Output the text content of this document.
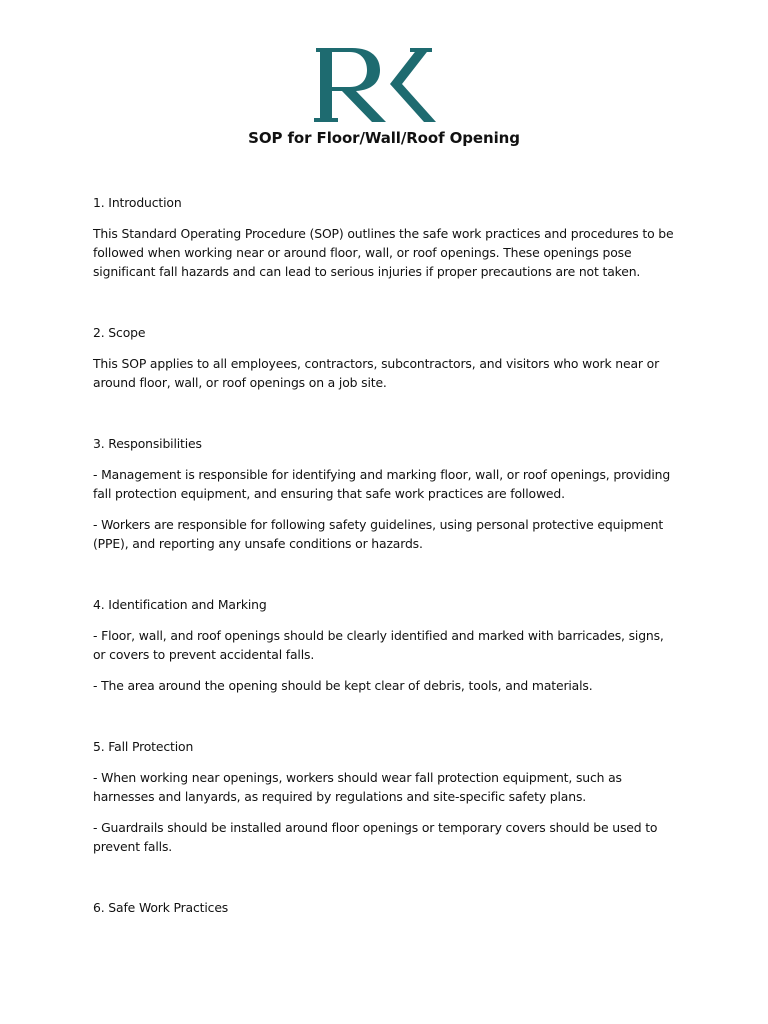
SOP for Floor/Wall/Roof Opening

1. Introduction

This Standard Operating Procedure (SOP) outlines the safe work practices and procedures to be followed when working near or around floor, wall, or roof openings. These openings pose significant fall hazards and can lead to serious injuries if proper precautions are not taken.

2. Scope

This SOP applies to all employees, contractors, subcontractors, and visitors who work near or around floor, wall, or roof openings on a job site.

3. Responsibilities

- Management is responsible for identifying and marking floor, wall, or roof openings, providing fall protection equipment, and ensuring that safe work practices are followed.

- Workers are responsible for following safety guidelines, using personal protective equipment (PPE), and reporting any unsafe conditions or hazards.

4. Identification and Marking

- Floor, wall, and roof openings should be clearly identified and marked with barricades, signs, or covers to prevent accidental falls.

- The area around the opening should be kept clear of debris, tools, and materials.

5. Fall Protection

- When working near openings, workers should wear fall protection equipment, such as harnesses and lanyards, as required by regulations and site-specific safety plans.

- Guardrails should be installed around floor openings or temporary covers should be used to prevent falls.

6. Safe Work Practices
